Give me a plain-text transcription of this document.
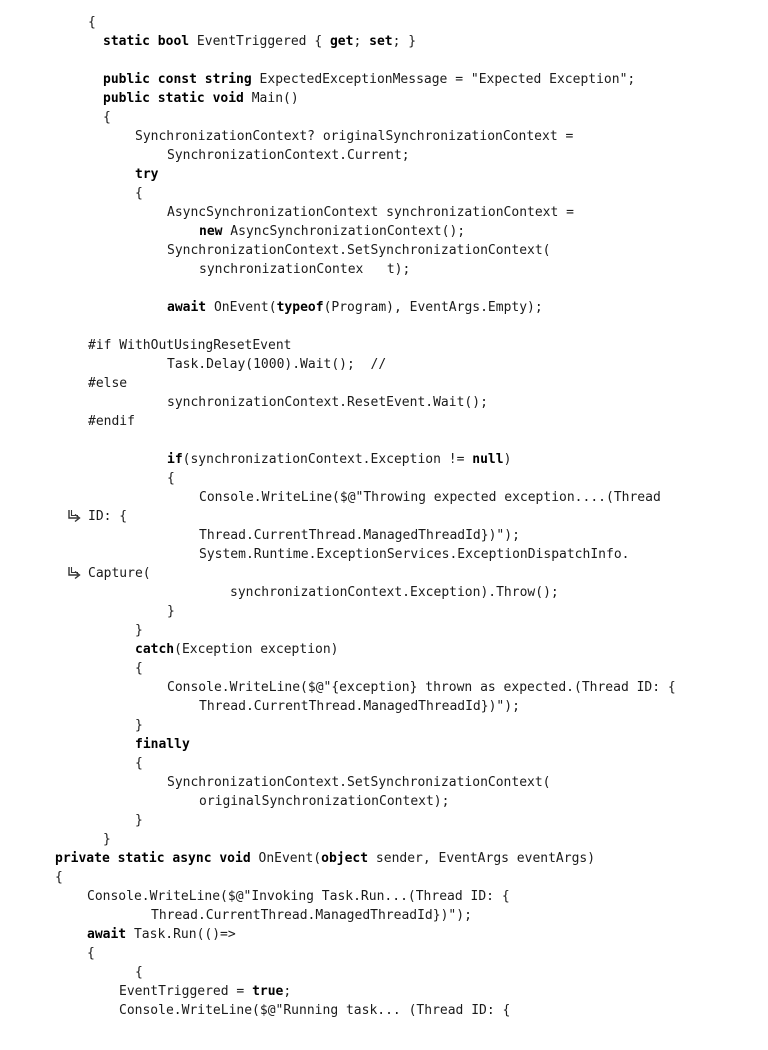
{
static bool EventTriggered { get; set; }
public const string ExpectedExceptionMessage = "Expected Exception";
public static void Main()
{
SynchronizationContext? originalSynchronizationContext =
SynchronizationContext.Current;
try
{
AsyncSynchronizationContext synchronizationContext =
new AsyncSynchronizationContext();
SynchronizationContext.SetSynchronizationContext(
synchronizationContex   t);
await OnEvent(typeof(Program), EventArgs.Empty);
#if WithOutUsingResetEvent
Task.Delay(1000).Wait();  //
#else
synchronizationContext.ResetEvent.Wait();
#endif
if(synchronizationContext.Exception != null)
{
Console.WriteLine($@"Throwing expected exception....(Thread
ID: {
Thread.CurrentThread.ManagedThreadId})");
System.Runtime.ExceptionServices.ExceptionDispatchInfo.
Capture(
synchronizationContext.Exception).Throw();
}
}
catch(Exception exception)
{
Console.WriteLine($@"{exception} thrown as expected.(Thread ID: {
Thread.CurrentThread.ManagedThreadId})");
}
finally
{
SynchronizationContext.SetSynchronizationContext(
originalSynchronizationContext);
}
}
private static async void OnEvent(object sender, EventArgs eventArgs)
{
Console.WriteLine($@"Invoking Task.Run...(Thread ID: {
Thread.CurrentThread.ManagedThreadId})");
await Task.Run(()=>
{
{
EventTriggered = true;
Console.WriteLine($@"Running task... (Thread ID: {
